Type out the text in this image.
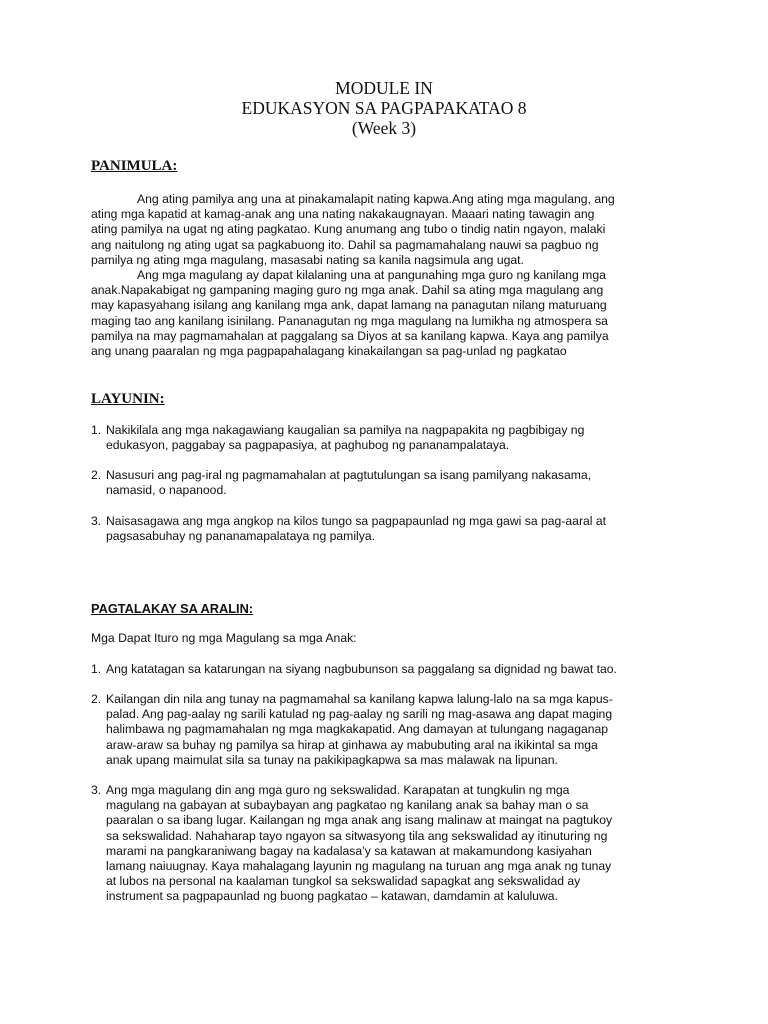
MODULE IN
EDUKASYON SA PAGPAPAKATAO 8
(Week 3)
PANIMULA:
Ang ating pamilya ang una at pinakamalapit nating kapwa.Ang ating mga magulang, ang
ating mga kapatid at kamag-anak ang una nating nakakaugnayan. Maaari nating tawagin ang
ating pamilya na ugat ng ating pagkatao. Kung anumang ang tubo o tindig natin ngayon, malaki
ang naitulong ng ating ugat sa pagkabuong ito. Dahil sa pagmamahalang nauwi sa pagbuo ng
pamilya ng ating mga magulang, masasabi nating sa kanila nagsimula ang ugat.
Ang mga magulang ay dapat kilalaning una at pangunahing mga guro ng kanilang mga
anak.Napakabigat ng gampaning maging guro ng mga anak. Dahil sa ating mga magulang ang
may kapasyahang isilang ang kanilang mga ank, dapat lamang na panagutan nilang maturuang
maging tao ang kanilang isinilang. Pananagutan ng mga magulang na lumikha ng atmospera sa
pamilya na may pagmamahalan at paggalang sa Diyos at sa kanilang kapwa. Kaya ang pamilya
ang unang paaralan ng mga pagpapahalagang kinakailangan sa pag-unlad ng pagkatao
LAYUNIN:
1. Nakikilala ang mga nakagawiang kaugalian sa pamilya na nagpapakita ng pagbibigay ng
edukasyon, paggabay sa pagpapasiya, at paghubog ng pananampalataya.
2. Nasusuri ang pag-iral ng pagmamahalan at pagtutulungan sa isang pamilyang nakasama,
namasid, o napanood.
3. Naisasagawa ang mga angkop na kilos tungo sa pagpapaunlad ng mga gawi sa pag-aaral at
pagsasabuhay ng pananamapalataya ng pamilya.
PAGTALAKAY SA ARALIN:
Mga Dapat Ituro ng mga Magulang sa mga Anak:
1. Ang katatagan sa katarungan na siyang nagbubunson sa paggalang sa dignidad ng bawat tao.
2. Kailangan din nila ang tunay na pagmamahal sa kanilang kapwa lalung-lalo na sa mga kapus-
palad. Ang pag-aalay ng sarili katulad ng pag-aalay ng sarili ng mag-asawa ang dapat maging
halimbawa ng pagmamahalan ng mga magkakapatid. Ang damayan at tulungang nagaganap
araw-araw sa buhay ng pamilya sa hirap at ginhawa ay mabubuting aral na ikikintal sa mga
anak upang maimulat sila sa tunay na pakikipagkapwa sa mas malawak na lipunan.
3. Ang mga magulang din ang mga guro ng sekswalidad. Karapatan at tungkulin ng mga
magulang na gabayan at subaybayan ang pagkatao ng kanilang anak sa bahay man o sa
paaralan o sa ibang lugar. Kailangan ng mga anak ang isang malinaw at maingat na pagtukoy
sa sekswalidad. Nahaharap tayo ngayon sa sitwasyong tila ang sekswalidad ay itinuturing ng
marami na pangkaraniwang bagay na kadalasa’y sa katawan at makamundong kasiyahan
lamang naiuugnay. Kaya mahalagang layunin ng magulang na turuan ang mga anak ng tunay
at lubos na personal na kaalaman tungkol sa sekswalidad sapagkat ang sekswalidad ay
instrument sa pagpapaunlad ng buong pagkatao – katawan, damdamin at kaluluwa.
